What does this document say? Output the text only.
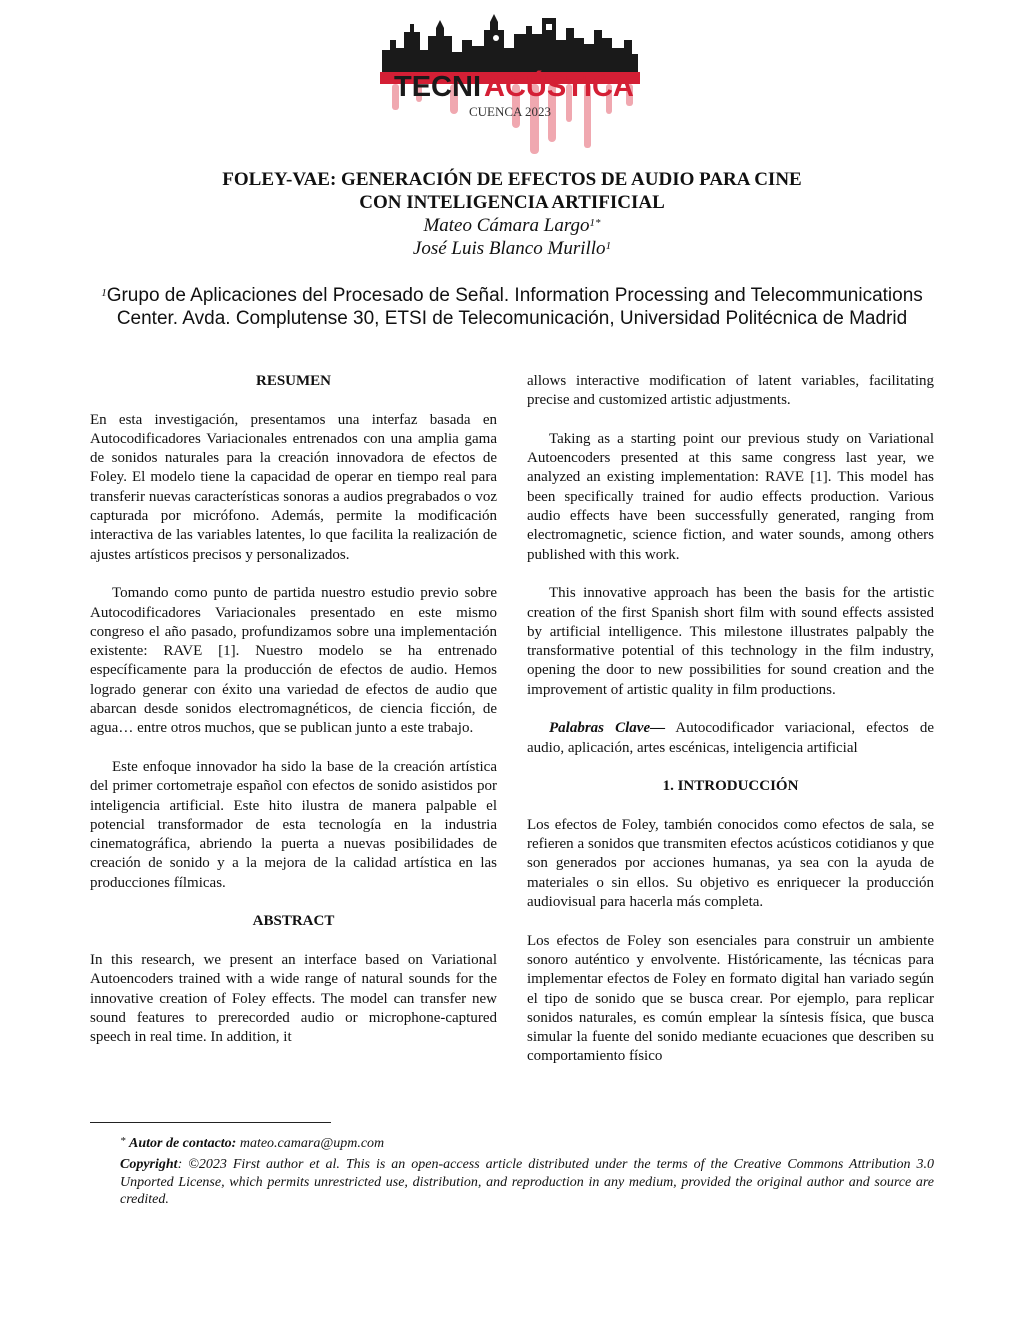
TECNI ACÚSTICA
CUENCA 2023
FOLEY-VAE: GENERACIÓN DE EFECTOS DE AUDIO PARA CINE
CON INTELIGENCIA ARTIFICIAL
Mateo Cámara Largo$^{1*}$
José Luis Blanco Murillo$^1$
$^1$Grupo de Aplicaciones del Procesado de Señal. Information Processing and Telecommunications Center. Avda. Complutense 30, ETSI de Telecomunicación, Universidad Politécnica de Madrid

RESUMEN

En esta investigación, presentamos una interfaz basada en Autocodificadores Variacionales entrenados con una amplia gama de sonidos naturales para la creación innovadora de efectos de Foley. El modelo tiene la capacidad de operar en tiempo real para transferir nuevas características sonoras a audios pregrabados o voz capturada por micrófono. Además, permite la modificación interactiva de las variables latentes, lo que facilita la realización de ajustes artísticos precisos y personalizados.

Tomando como punto de partida nuestro estudio previo sobre Autocodificadores Variacionales presentado en este mismo congreso el año pasado, profundizamos sobre una implementación existente: RAVE [1]. Nuestro modelo se ha entrenado específicamente para la producción de efectos de audio. Hemos logrado generar con éxito una variedad de efectos de audio que abarcan desde sonidos electromagnéticos, de ciencia ficción, de agua… entre otros muchos, que se publican junto a este trabajo.

Este enfoque innovador ha sido la base de la creación artística del primer cortometraje español con efectos de sonido asistidos por inteligencia artificial. Este hito ilustra de manera palpable el potencial transformador de esta tecnología en la industria cinematográfica, abriendo la puerta a nuevas posibilidades de creación de sonido y a la mejora de la calidad artística en las producciones fílmicas.

ABSTRACT

In this research, we present an interface based on Variational Autoencoders trained with a wide range of natural sounds for the innovative creation of Foley effects. The model can transfer new sound features to prerecorded audio or microphone-captured speech in real time. In addition, it

allows interactive modification of latent variables, facilitating precise and customized artistic adjustments.

Taking as a starting point our previous study on Variational Autoencoders presented at this same congress last year, we analyzed an existing implementation: RAVE [1]. This model has been specifically trained for audio effects production. Various audio effects have been successfully generated, ranging from electromagnetic, science fiction, and water sounds, among others published with this work.

This innovative approach has been the basis for the artistic creation of the first Spanish short film with sound effects assisted by artificial intelligence. This milestone illustrates palpably the transformative potential of this technology in the film industry, opening the door to new possibilities for sound creation and the improvement of artistic quality in film productions.

Palabras Clave— Autocodificador variacional, efectos de audio, aplicación, artes escénicas, inteligencia artificial

1. INTRODUCCIÓN

Los efectos de Foley, también conocidos como efectos de sala, se refieren a sonidos que transmiten efectos acústicos cotidianos y que son generados por acciones humanas, ya sea con la ayuda de materiales o sin ellos. Su objetivo es enriquecer la producción audiovisual para hacerla más completa.

Los efectos de Foley son esenciales para construir un ambiente sonoro auténtico y envolvente. Históricamente, las técnicas para implementar efectos de Foley en formato digital han variado según el tipo de sonido que se busca crear. Por ejemplo, para replicar sonidos naturales, es común emplear la síntesis física, que busca simular la fuente del sonido mediante ecuaciones que describen su comportamiento físico

* Autor de contacto: mateo.camara@upm.com
Copyright: ©2023 First author et al. This is an open-access article distributed under the terms of the Creative Commons Attribution 3.0 Unported License, which permits unrestricted use, distribution, and reproduction in any medium, provided the original author and source are credited.
